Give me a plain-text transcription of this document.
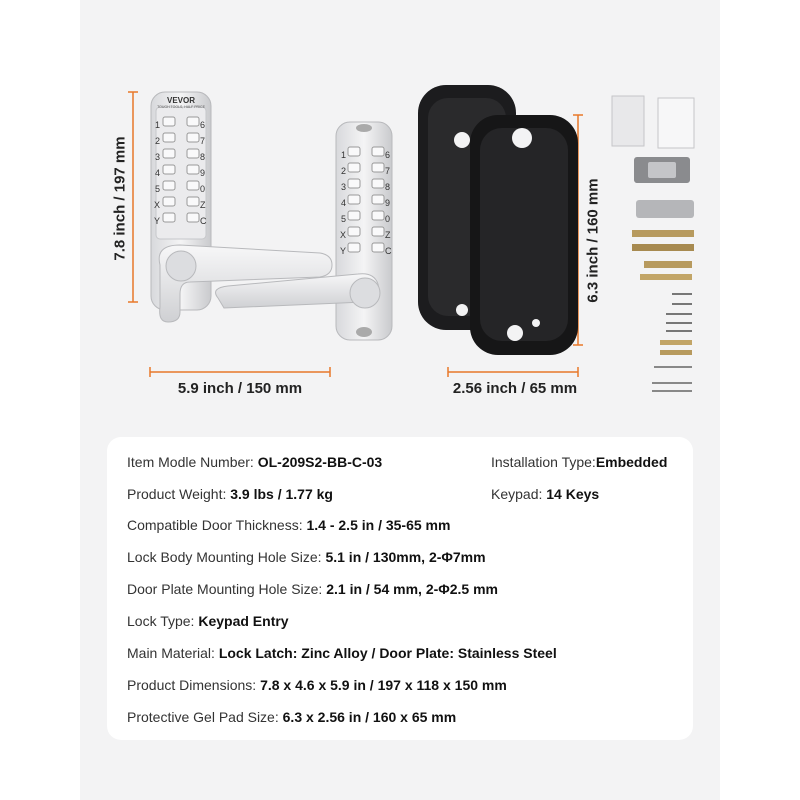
VEVOR
TOUGH TOOLS, HALF PRICE
1
2
3
4
5
X
Y
6
7
8
9
0
Z
C
1
2
3
4
5
X
Y
6
7
8
9
0
Z
C
7.8 inch / 197 mm
5.9 inch / 150 mm
6.3 inch / 160 mm
2.56 inch / 65 mm
Item Modle Number: OL-209S2-BB-C-03	Installation Type:Embedded
Product Weight: 3.9 lbs / 1.77 kg	Keypad: 14 Keys
Compatible Door Thickness: 1.4 - 2.5 in / 35-65 mm
Lock Body Mounting Hole Size: 5.1 in / 130mm, 2-Φ7mm
Door Plate Mounting Hole Size: 2.1 in / 54 mm, 2-Φ2.5 mm
Lock Type: Keypad Entry
Main Material: Lock Latch: Zinc Alloy / Door Plate: Stainless Steel
Product Dimensions: 7.8 x 4.6 x 5.9 in / 197 x 118 x 150 mm
Protective Gel Pad Size: 6.3 x 2.56 in / 160 x 65 mm
